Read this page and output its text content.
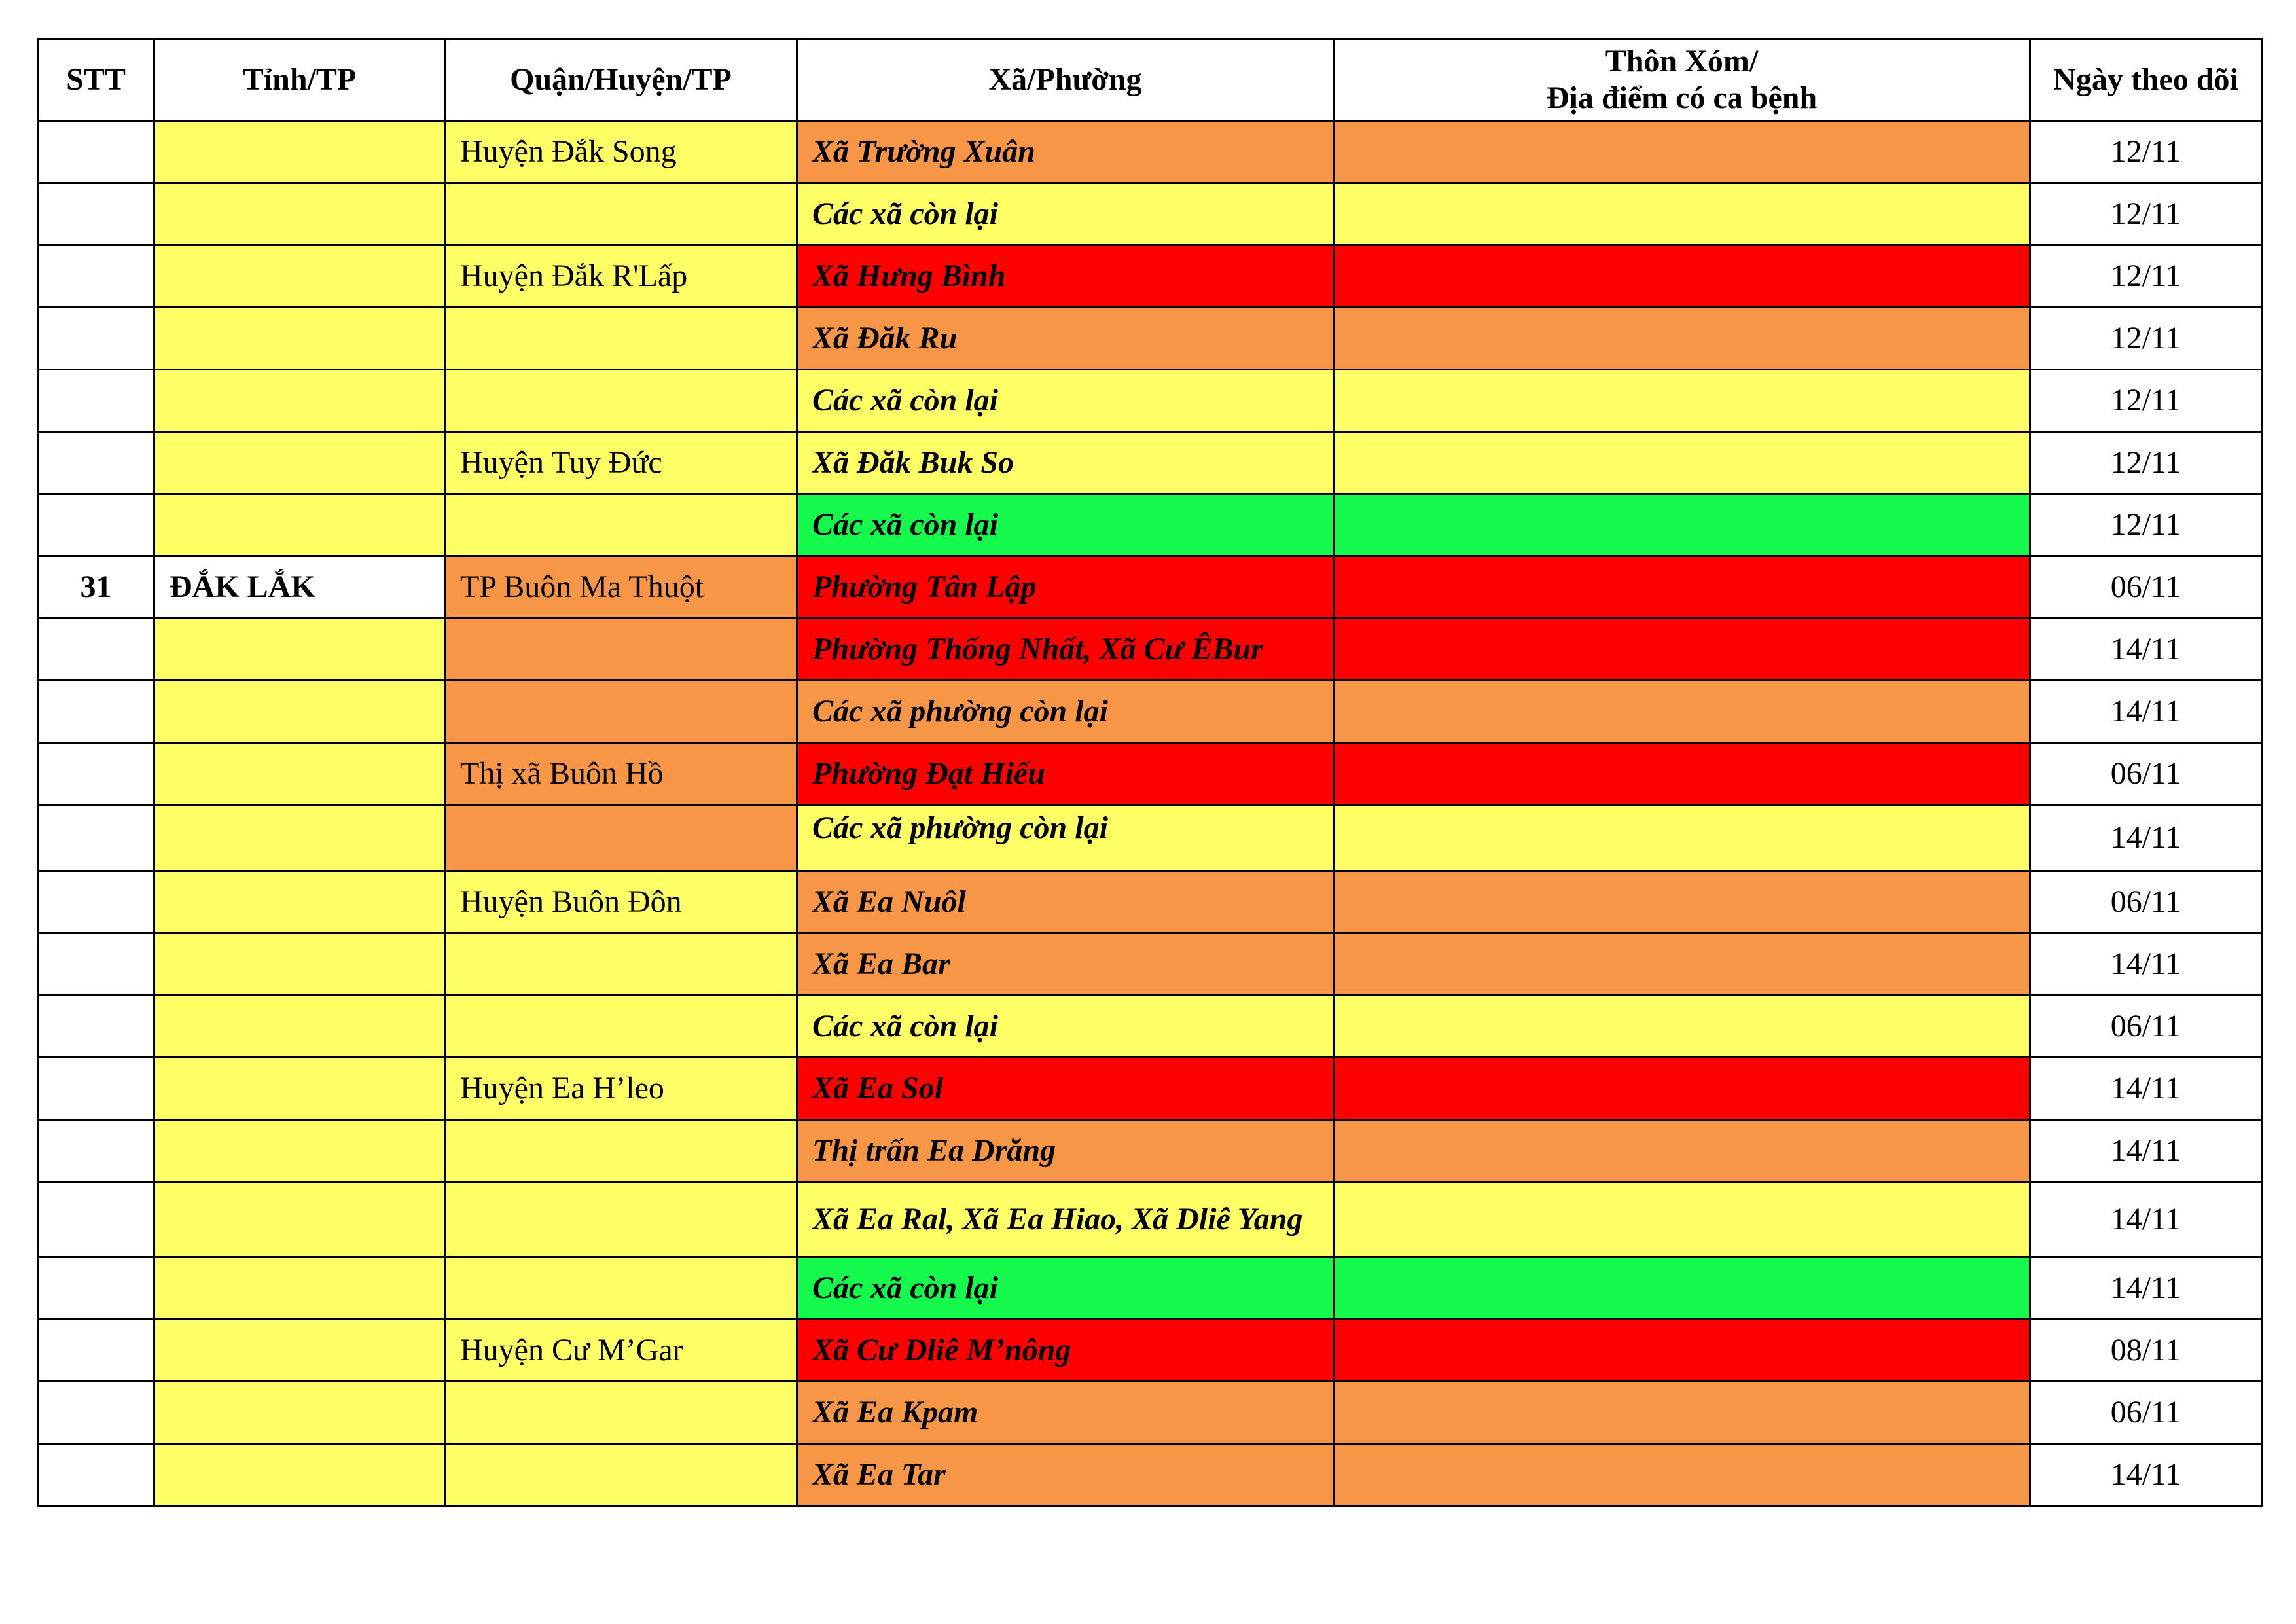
STT	Tỉnh/TP	Quận/Huyện/TP	Xã/Phường	Thôn Xóm/
Địa điểm có ca bệnh	Ngày theo dõi
		Huyện Đắk Song	Xã Trường Xuân		12/11
			Các xã còn lại		12/11
		Huyện Đắk R'Lấp	Xã Hưng Bình		12/11
			Xã Đăk Ru		12/11
			Các xã còn lại		12/11
		Huyện Tuy Đức	Xã Đăk Buk So		12/11
			Các xã còn lại		12/11
31	ĐẮK LẮK	TP Buôn Ma Thuột	Phường Tân Lập		06/11
			Phường Thống Nhất, Xã Cư ÊBur		14/11
			Các xã phường còn lại		14/11
		Thị xã Buôn Hồ	Phường Đạt Hiếu		06/11
			Các xã phường còn lại		14/11
		Huyện Buôn Đôn	Xã Ea Nuôl		06/11
			Xã Ea Bar		14/11
			Các xã còn lại		06/11
		Huyện Ea H’leo	Xã Ea Sol		14/11
			Thị trấn Ea Drăng		14/11
			Xã Ea Ral, Xã Ea Hiao, Xã Dliê Yang		14/11
			Các xã còn lại		14/11
		Huyện Cư M’Gar	Xã Cư Dliê M’nông		08/11
			Xã Ea Kpam		06/11
			Xã Ea Tar		14/11
